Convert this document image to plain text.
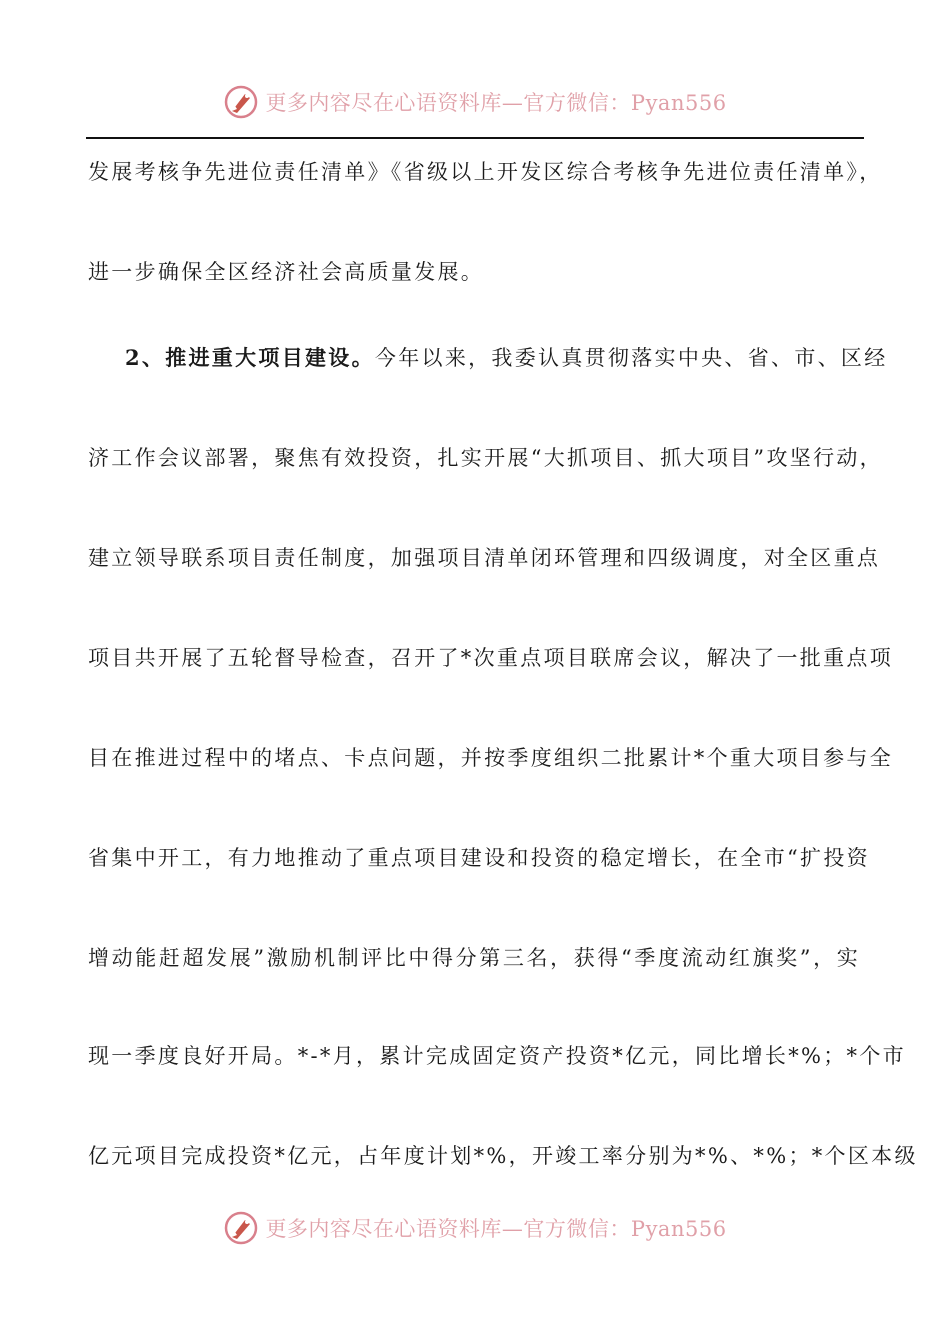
更多内容尽在心语资料库—官方微信：Pyan556
发展考核争先进位责任清单》《省级以上开发区综合考核争先进位责任清单》，
进一步确保全区经济社会高质量发展。
2、推进重大项目建设。今年以来，我委认真贯彻落实中央、省、市、区经
济工作会议部署，聚焦有效投资，扎实开展“大抓项目、抓大项目”攻坚行动，
建立领导联系项目责任制度，加强项目清单闭环管理和四级调度，对全区重点
项目共开展了五轮督导检查，召开了*次重点项目联席会议，解决了一批重点项
目在推进过程中的堵点、卡点问题，并按季度组织二批累计*个重大项目参与全
省集中开工，有力地推动了重点项目建设和投资的稳定增长，在全市“扩投资
增动能赶超发展”激励机制评比中得分第三名，获得“季度流动红旗奖”，实
现一季度良好开局。*-*月，累计完成固定资产投资*亿元，同比增长*%；*个市
亿元项目完成投资*亿元，占年度计划*%，开竣工率分别为*%、*%；*个区本级
更多内容尽在心语资料库—官方微信：Pyan556
